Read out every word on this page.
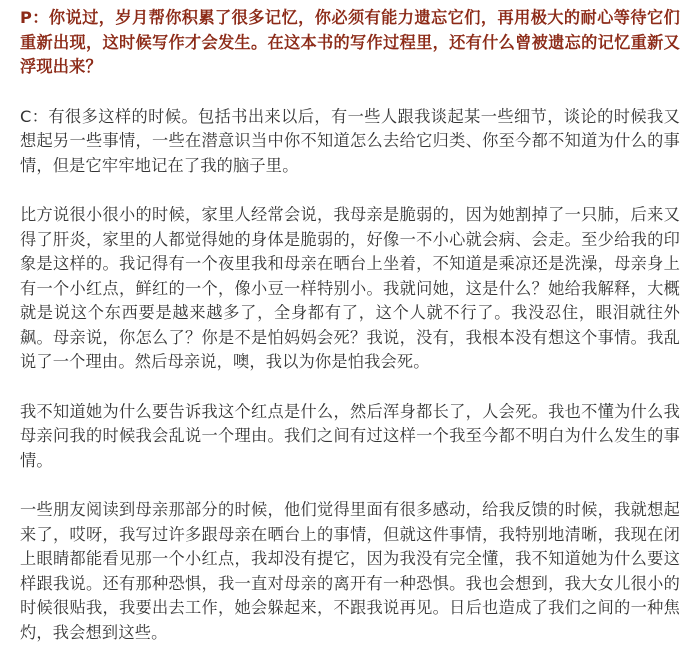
P：你说过，岁月帮你积累了很多记忆，你必须有能力遗忘它们，再用极大的耐心等待它们重新出现，这时候写作才会发生。在这本书的写作过程里，还有什么曾被遗忘的记忆重新又浮现出来？

C：有很多这样的时候。包括书出来以后，有一些人跟我谈起某一些细节，谈论的时候我又想起另一些事情，一些在潜意识当中你不知道怎么去给它归类、你至今都不知道为什么的事情，但是它牢牢地记在了我的脑子里。

比方说很小很小的时候，家里人经常会说，我母亲是脆弱的，因为她割掉了一只肺，后来又得了肝炎，家里的人都觉得她的身体是脆弱的，好像一不小心就会病、会走。至少给我的印象是这样的。我记得有一个夜里我和母亲在晒台上坐着，不知道是乘凉还是洗澡，母亲身上有一个小红点，鲜红的一个，像小豆一样特别小。我就问她，这是什么？她给我解释，大概就是说这个东西要是越来越多了，全身都有了，这个人就不行了。我没忍住，眼泪就往外飙。母亲说，你怎么了？你是不是怕妈妈会死？我说，没有，我根本没有想这个事情。我乱说了一个理由。然后母亲说，噢，我以为你是怕我会死。

我不知道她为什么要告诉我这个红点是什么，然后浑身都长了，人会死。我也不懂为什么我母亲问我的时候我会乱说一个理由。我们之间有过这样一个我至今都不明白为什么发生的事情。

一些朋友阅读到母亲那部分的时候，他们觉得里面有很多感动，给我反馈的时候，我就想起来了，哎呀，我写过许多跟母亲在晒台上的事情，但就这件事情，我特别地清晰，我现在闭上眼睛都能看见那一个小红点，我却没有提它，因为我没有完全懂，我不知道她为什么要这样跟我说。还有那种恐惧，我一直对母亲的离开有一种恐惧。我也会想到，我大女儿很小的时候很贴我，我要出去工作，她会躲起来，不跟我说再见。日后也造成了我们之间的一种焦灼，我会想到这些。
